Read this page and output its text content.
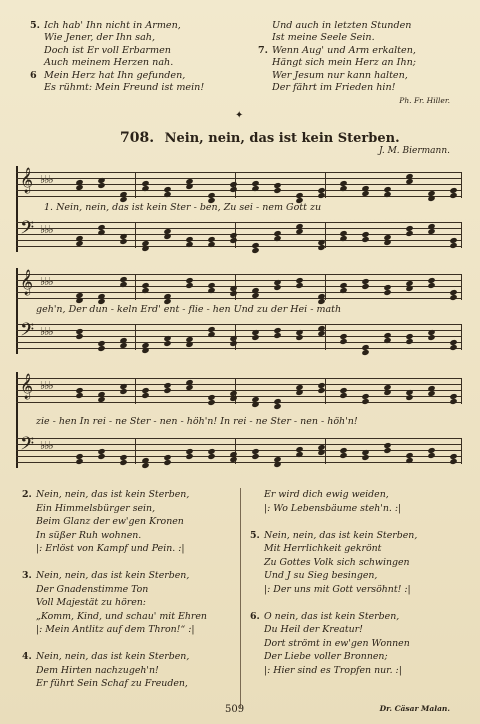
5. Ich hab' Ihn nicht in Armen,
Wie Jener, der Ihn sah,
Doch ist Er voll Erbarmen
Auch meinem Herzen nah.
6 Mein Herz hat Ihn gefunden,
Es rühmt: Mein Freund ist mein!
Und auch in letzten Stunden
Ist meine Seele Sein.
7. Wenn Aug' und Arm erkalten,
Hängt sich mein Herz an Ihn;
Wer Jesum nur kann halten,
Der fährt im Frieden hin!
Ph. Fr. Hiller.
✦
708. Nein, nein, das ist kein Sterben.
J. M. Biermann.
𝄞 ♭♭♭
1. Nein, nein, das ist kein Ster - ben, Zu sei - nem Gott zu
𝄢 ♭♭♭
𝄞 ♭♭♭
geh'n, Der dun - keln Erd' ent - flie - hen Und zu der Hei - math
𝄢 ♭♭♭
𝄞 ♭♭♭
zie - hen In rei - ne Ster - nen - höh'n! In rei - ne Ster - nen - höh'n!
𝄢 ♭♭♭
2. Nein, nein, das ist kein Sterben,
Ein Himmelsbürger sein,
Beim Glanz der ew'gen Kronen
In süßer Ruh wohnen.
|: Erlöst von Kampf und Pein. :|

3. Nein, nein, das ist kein Sterben,
Der Gnadenstimme Ton
Voll Majestät zu hören:
„Komm, Kind, und schau' mit Ehren
|: Mein Antlitz auf dem Thron!“ :|

4. Nein, nein, das ist kein Sterben,
Dem Hirten nachzugeh'n!
Er führt Sein Schaf zu Freuden,
Er wird dich ewig weiden,
|: Wo Lebensbäume steh'n. :|

5. Nein, nein, das ist kein Sterben,
Mit Herrlichkeit gekrönt
Zu Gottes Volk sich schwingen
Und J su Sieg besingen,
|: Der uns mit Gott versöhnt! :|

6. O nein, das ist kein Sterben,
Du Heil der Kreatur!
Dort strömt in ew'gen Wonnen
Der Liebe voller Bronnen;
|: Hier sind es Tropfen nur. :|
509	Dr. Cäsar Malan.
